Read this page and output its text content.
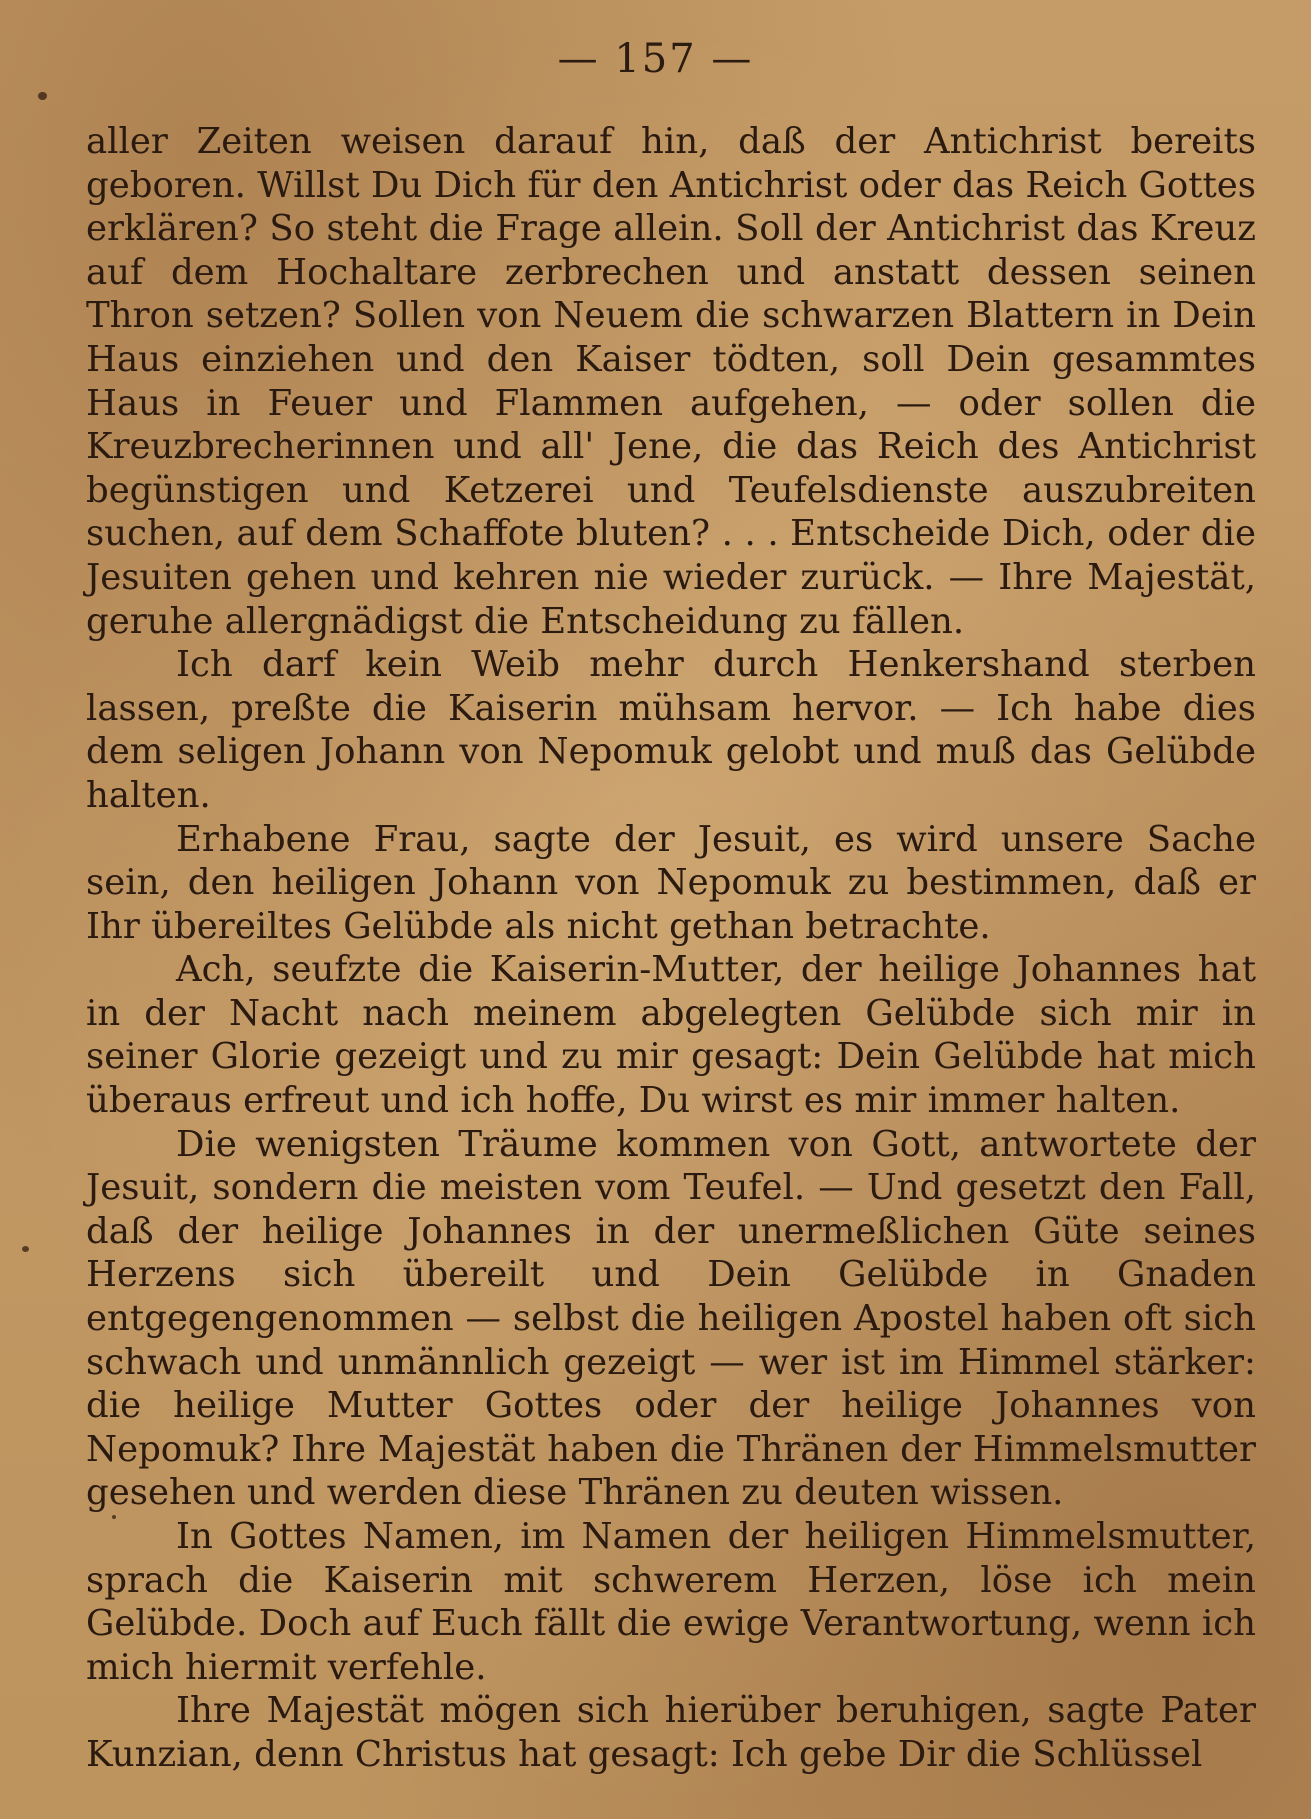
— 157 —

aller Zeiten weisen darauf hin, daß der Antichrist bereits geboren. Willst Du Dich für den Antichrist oder das Reich Gottes erklären? So steht die Frage allein. Soll der Antichrist das Kreuz auf dem Hochaltare zerbrechen und anstatt dessen seinen Thron setzen? Sollen von Neuem die schwarzen Blattern in Dein Haus einziehen und den Kaiser tödten, soll Dein gesammtes Haus in Feuer und Flammen aufgehen, — oder sollen die Kreuzbrecherinnen und all' Jene, die das Reich des Antichrist begünstigen und Ketzerei und Teufelsdienste auszubreiten suchen, auf dem Schaffote bluten? . . . Entscheide Dich, oder die Jesuiten gehen und kehren nie wieder zurück. — Ihre Majestät, geruhe allergnädigst die Entscheidung zu fällen.

Ich darf kein Weib mehr durch Henkershand sterben lassen, preßte die Kaiserin mühsam hervor. — Ich habe dies dem seligen Johann von Nepomuk gelobt und muß das Gelübde halten.

Erhabene Frau, sagte der Jesuit, es wird unsere Sache sein, den heiligen Johann von Nepomuk zu bestimmen, daß er Ihr übereiltes Gelübde als nicht gethan betrachte.

Ach, seufzte die Kaiserin-Mutter, der heilige Johannes hat in der Nacht nach meinem abgelegten Gelübde sich mir in seiner Glorie gezeigt und zu mir gesagt: Dein Gelübde hat mich überaus erfreut und ich hoffe, Du wirst es mir immer halten.

Die wenigsten Träume kommen von Gott, antwortete der Jesuit, sondern die meisten vom Teufel. — Und gesetzt den Fall, daß der heilige Johannes in der unermeßlichen Güte seines Herzens sich übereilt und Dein Gelübde in Gnaden entgegengenommen — selbst die heiligen Apostel haben oft sich schwach und unmännlich gezeigt — wer ist im Himmel stärker: die heilige Mutter Gottes oder der heilige Johannes von Nepomuk? Ihre Majestät haben die Thränen der Himmelsmutter gesehen und werden diese Thränen zu deuten wissen.

In Gottes Namen, im Namen der heiligen Himmelsmutter, sprach die Kaiserin mit schwerem Herzen, löse ich mein Gelübde. Doch auf Euch fällt die ewige Verantwortung, wenn ich mich hiermit verfehle.

Ihre Majestät mögen sich hierüber beruhigen, sagte Pater Kunzian, denn Christus hat gesagt: Ich gebe Dir die Schlüssel
